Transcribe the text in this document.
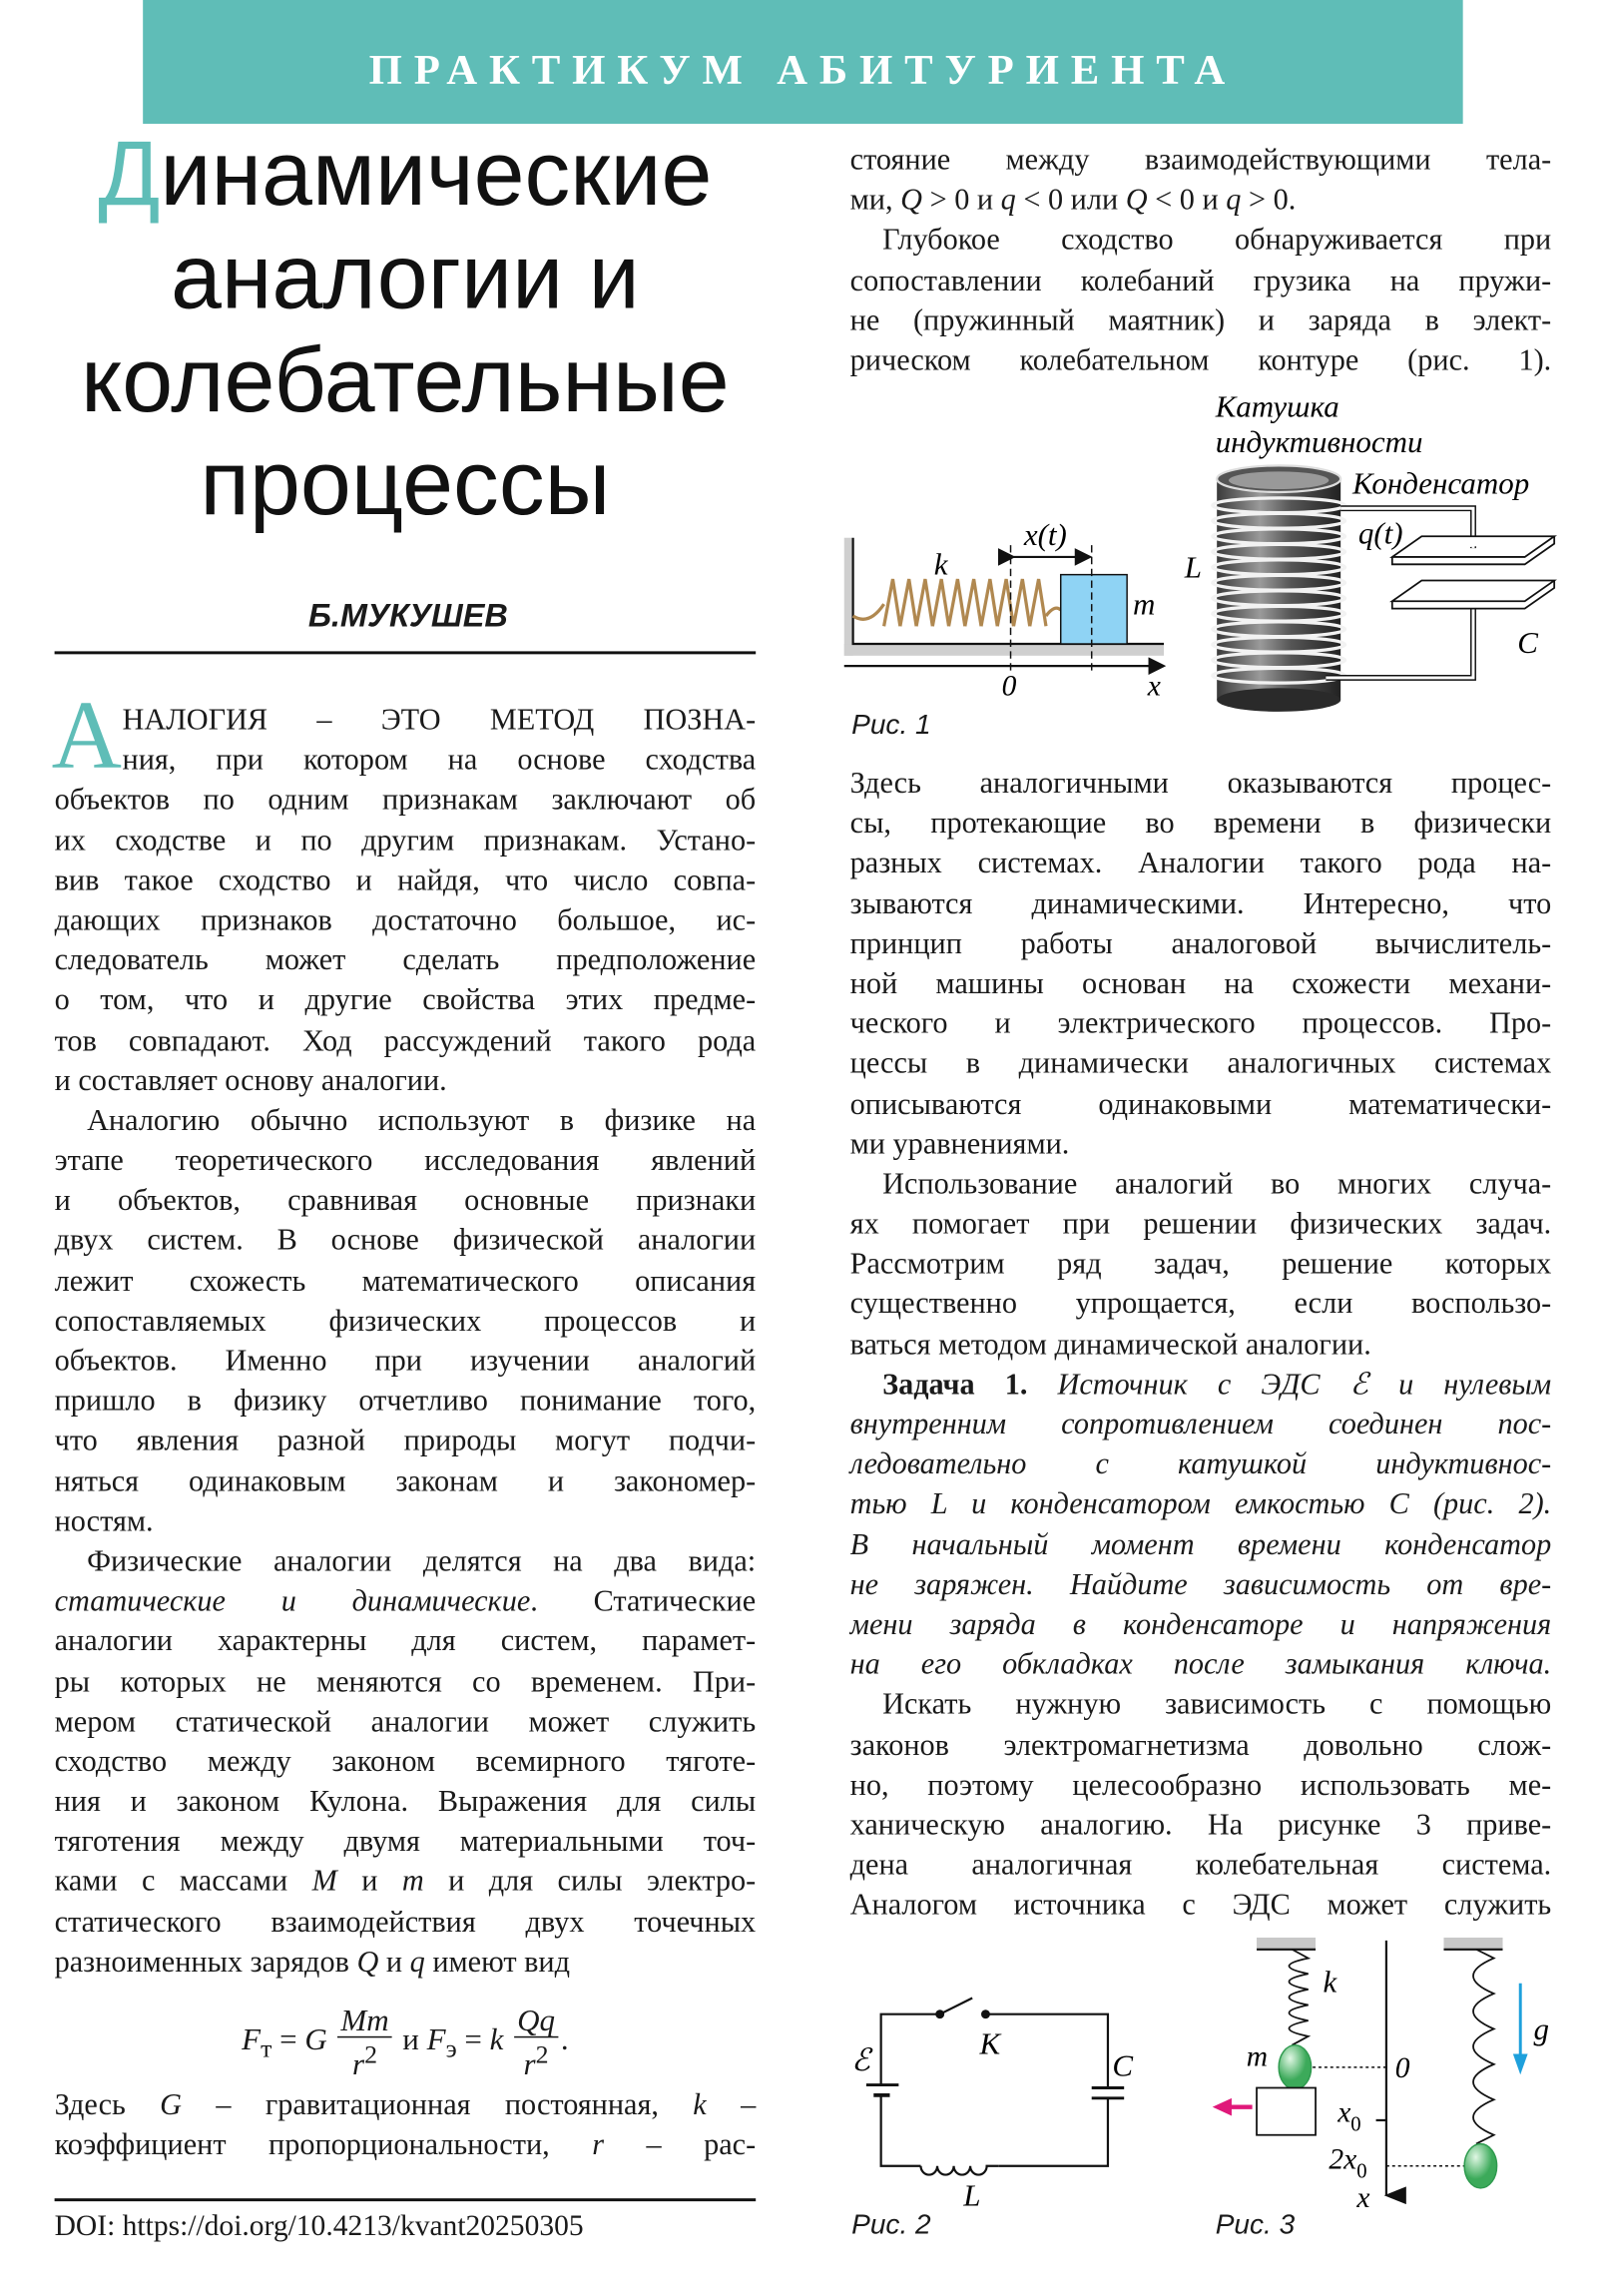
ПРАКТИКУМ АБИТУРИЕНТА
Динамические
аналогии и
колебательные
процессы
Б.МУКУШЕВ
А НАЛОГИЯ – ЭТО МЕТОД ПОЗНА-
ния, при котором на основе сходства
объектов по одним признакам заключают об
их сходстве и по другим признакам. Устано-
вив такое сходство и найдя, что число совпа-
дающих признаков достаточно большое, ис-
следователь может сделать предположение
о том, что и другие свойства этих предме-
тов совпадают. Ход рассуждений такого рода
и составляет основу аналогии.
Аналогию обычно используют в физике на
этапе теоретического исследования явлений
и объектов, сравнивая основные признаки
двух систем. В основе физической аналогии
лежит схожесть математического описания
сопоставляемых физических процессов и
объектов. Именно при изучении аналогий
пришло в физику отчетливо понимание того,
что явления разной природы могут подчи-
няться одинаковым законам и закономер-
ностям.
Физические аналогии делятся на два вида:
статические и динамические. Статические
аналогии характерны для систем, парамет-
ры которых не меняются со временем. При-
мером статической аналогии может служить
сходство между законом всемирного тяготе-
ния и законом Кулона. Выражения для силы
тяготения между двумя материальными точ-
ками с массами M и m и для силы электро-
статического взаимодействия двух точечных
разноименных зарядов Q и q имеют вид
$F_т = G \frac{Mm}{r^2}$ и $F_э = k \frac{Qq}{r^2}$ .
Здесь G – гравитационная постоянная, k –
коэффициент пропорциональности, r – рас-
DOI: https://doi.org/10.4213/kvant20250305
стояние между взаимодействующими тела-
ми, Q > 0 и q < 0 или Q < 0 и q > 0.
Глубокое сходство обнаруживается при
сопоставлении колебаний грузика на пружи-
не (пружинный маятник) и заряда в элект-
рическом колебательном контуре (рис. 1).
Здесь аналогичными оказываются процес-
сы, протекающие во времени в физически
разных системах. Аналогии такого рода на-
зываются динамическими. Интересно, что
принцип работы аналоговой вычислитель-
ной машины основан на схожести механи-
ческого и электрического процессов. Про-
цессы в динамически аналогичных системах
описываются одинаковыми математически-
ми уравнениями.
Использование аналогий во многих случа-
ях помогает при решении физических задач.
Рассмотрим ряд задач, решение которых
существенно упрощается, если воспользо-
ваться методом динамической аналогии.
Задача 1. Источник с ЭДС ℰ и нулевым
внутренним сопротивлением соединен пос-
ледовательно с катушкой индуктивнос-
тью L и конденсатором емкостью C (рис. 2).
В начальный момент времени конденсатор
не заряжен. Найдите зависимость от вре-
мени заряда в конденсаторе и напряжения
на его обкладках после замыкания ключа.
Искать нужную зависимость с помощью
законов электромагнетизма довольно слож-
но, поэтому целесообразно использовать ме-
ханическую аналогию. На рисунке 3 приве-
дена аналогичная колебательная система.
Аналогом источника с ЭДС может служить
x(t)
k
m
0	x
Катушка
индуктивности
Конденсатор
q(t)
L
C
Рис. 1
ℰ	K
C
L
Рис. 2
k
m	0
$x_0$
$2x_0$
x
g
Рис. 3
